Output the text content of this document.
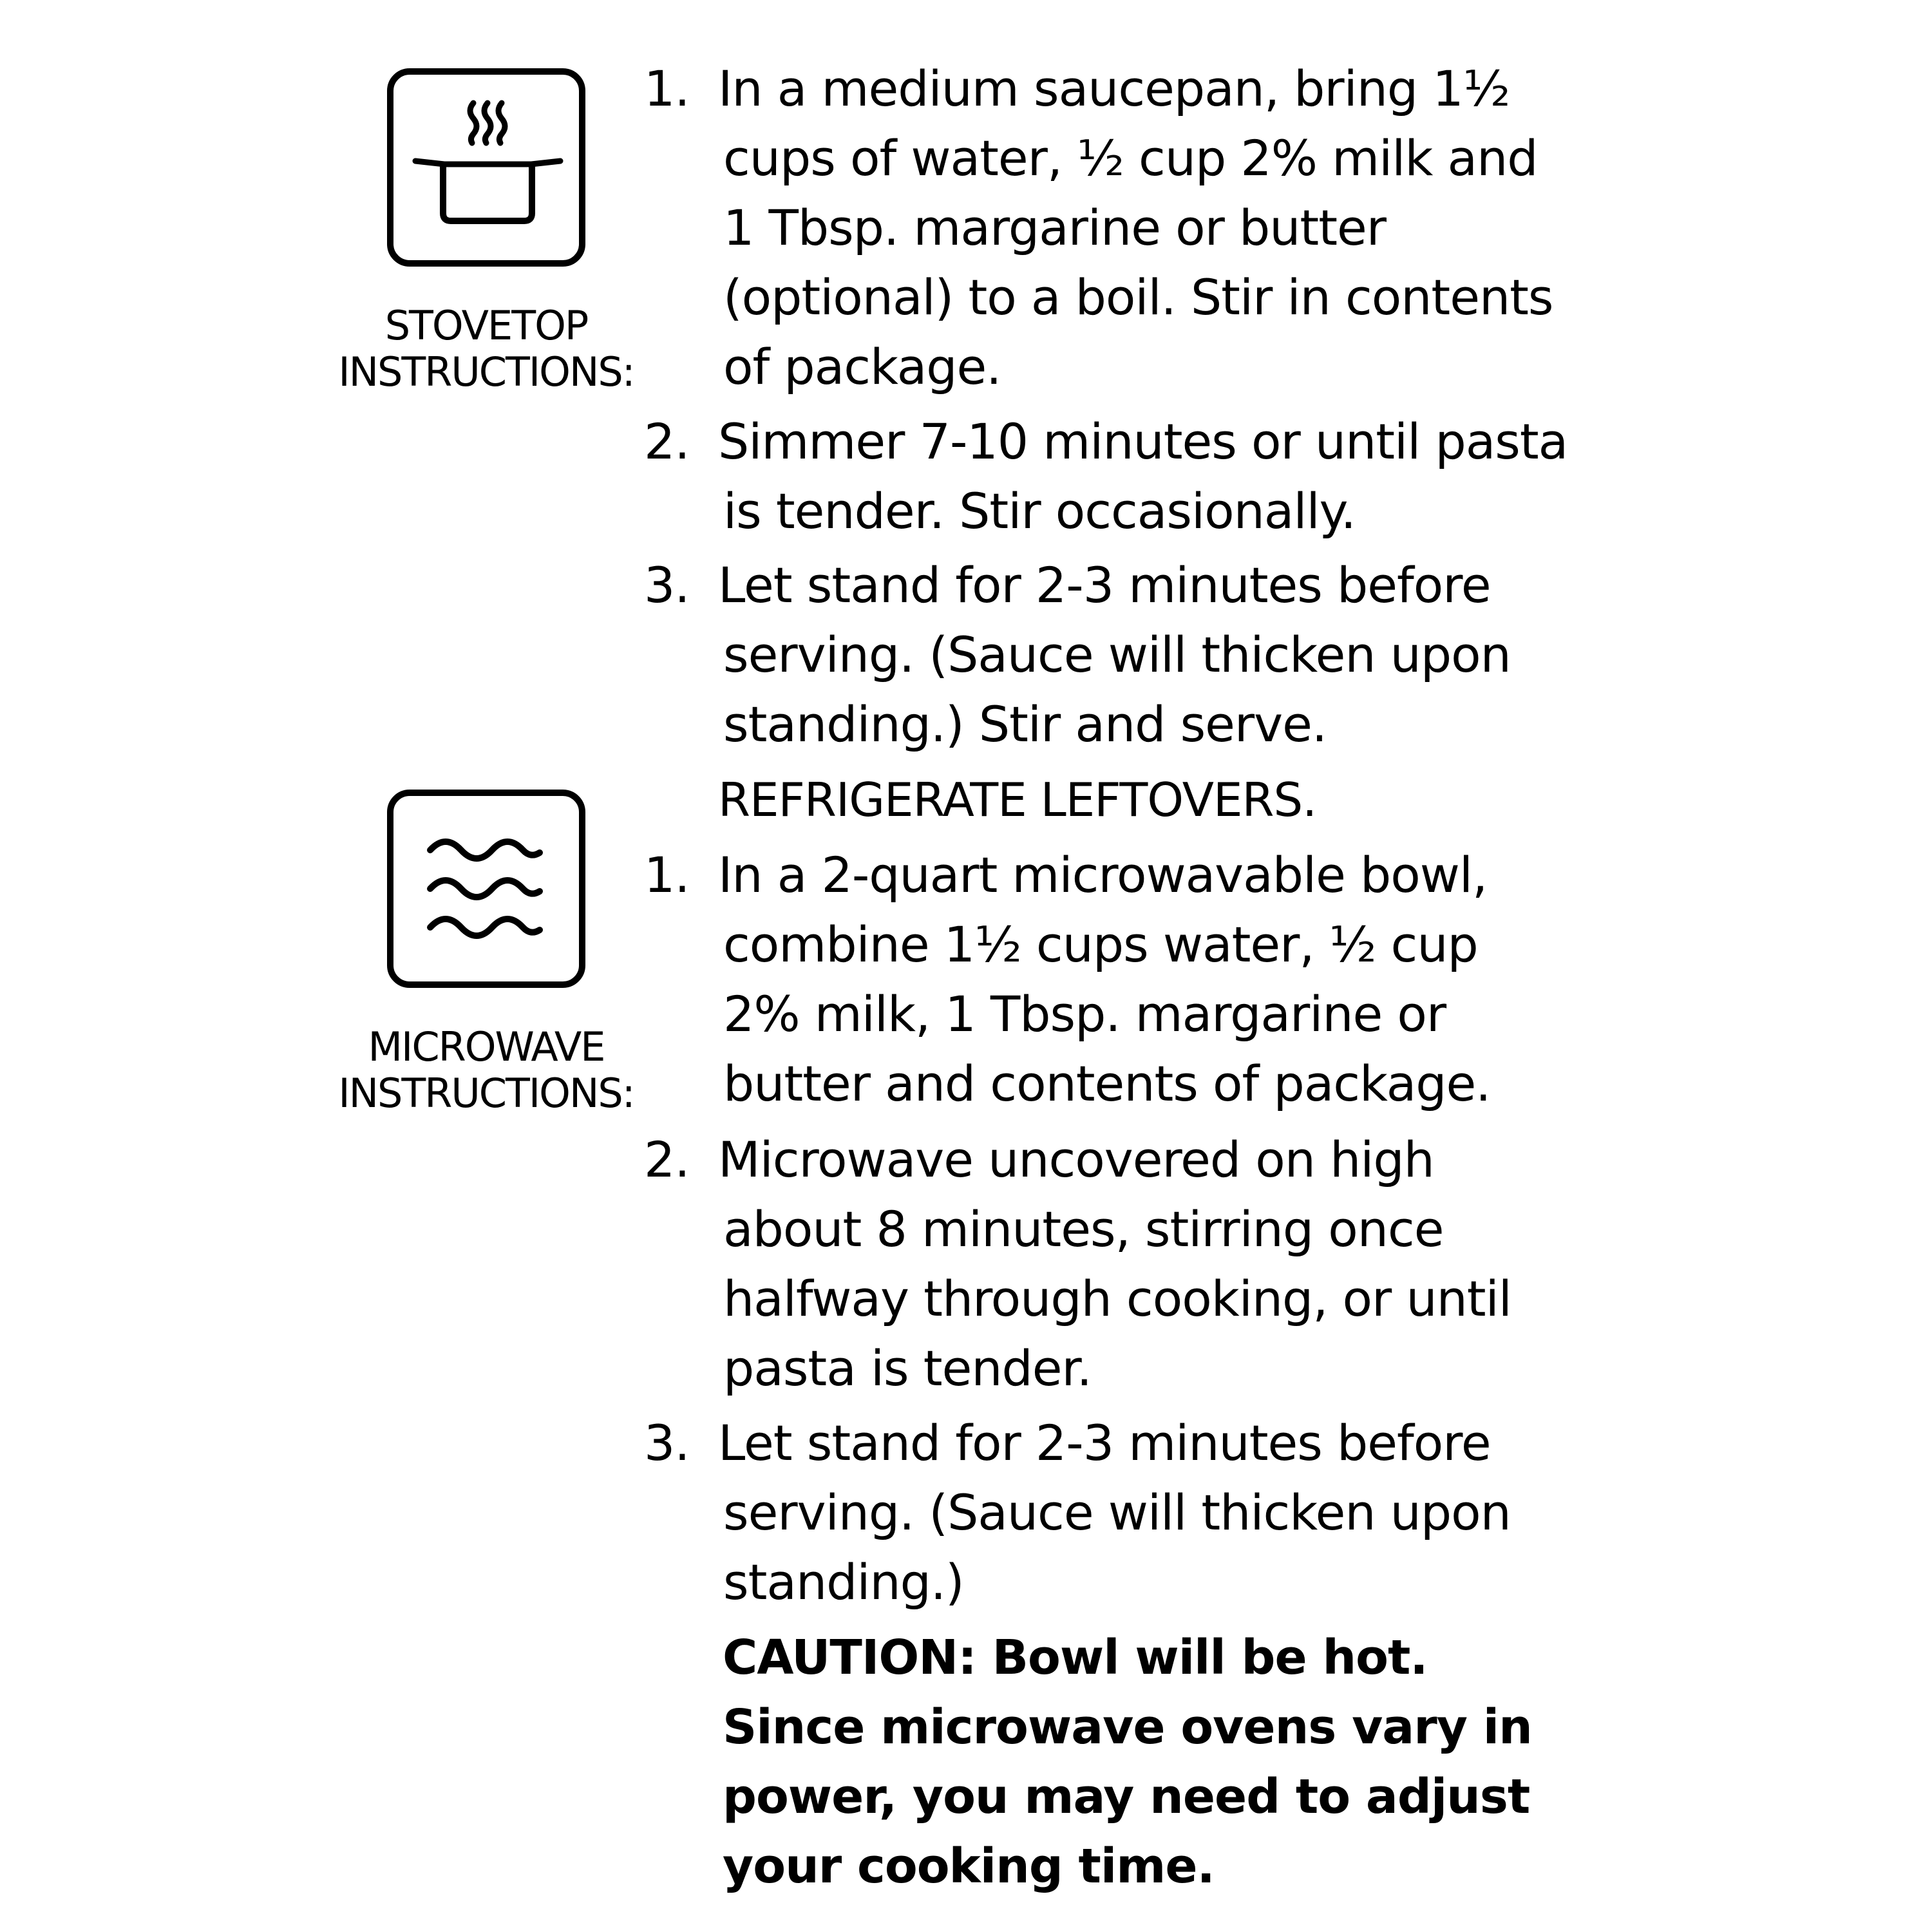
STOVETOP
INSTRUCTIONS:
MICROWAVE
INSTRUCTIONS:
1. In a medium saucepan, bring 1½
cups of water, ½ cup 2% milk and
1 Tbsp. margarine or butter
(optional) to a boil. Stir in contents
of package.
2. Simmer 7-10 minutes or until pasta
is tender. Stir occasionally.
3. Let stand for 2-3 minutes before
serving. (Sauce will thicken upon
standing.) Stir and serve.
REFRIGERATE LEFTOVERS.
1. In a 2-quart microwavable bowl,
combine 1½ cups water, ½ cup
2% milk, 1 Tbsp. margarine or
butter and contents of package.
2. Microwave uncovered on high
about 8 minutes, stirring once
halfway through cooking, or until
pasta is tender.
3. Let stand for 2-3 minutes before
serving. (Sauce will thicken upon
standing.)
CAUTION: Bowl will be hot.
Since microwave ovens vary in
power, you may need to adjust
your cooking time.
